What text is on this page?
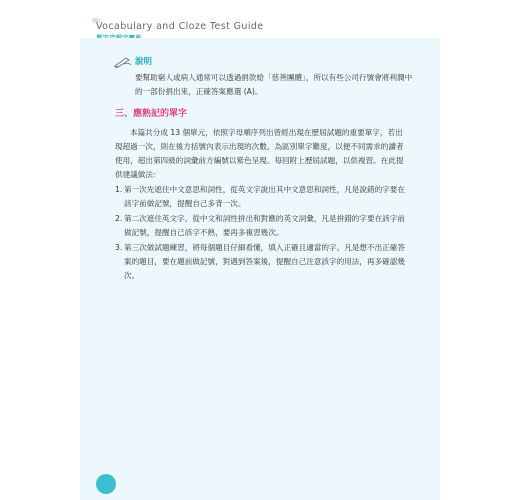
Vocabulary and Cloze Test Guide
說明
要幫助窮人或病人通常可以透過捐款給「慈善團體」，所以有些公司行號會將利潤中的一部份捐出來，正確答案應選 (A)。
三、應熟記的單字
本篇共分成 13 個單元，依照字母順序列出曾經出現在歷屆試題的重要單字，若出現超過一次，則在後方括號內表示出現的次數。為區別單字難度，以便不同需求的讀者使用，超出第四級的詞彙前方編號以紫色呈現。每回附上歷屆試題，以供複習。在此提供建議做法：
1. 第一次先遮住中文意思和詞性，從英文字說出其中文意思和詞性，凡是說錯的字要在該字前做記號，提醒自己多背一次。
2. 第二次遮住英文字，從中文和詞性拼出和對應的英文詞彙，凡是拼錯的字要在該字前做記號，提醒自己該字不熟，要再多複習幾次。
3. 第三次做試題練習，將每個題目仔細看懂，填入正確且適當的字。凡是想不出正確答案的題目，要在題前做記號，對遇到答案後，提醒自己注意該字的用法，再多確認幾次。
